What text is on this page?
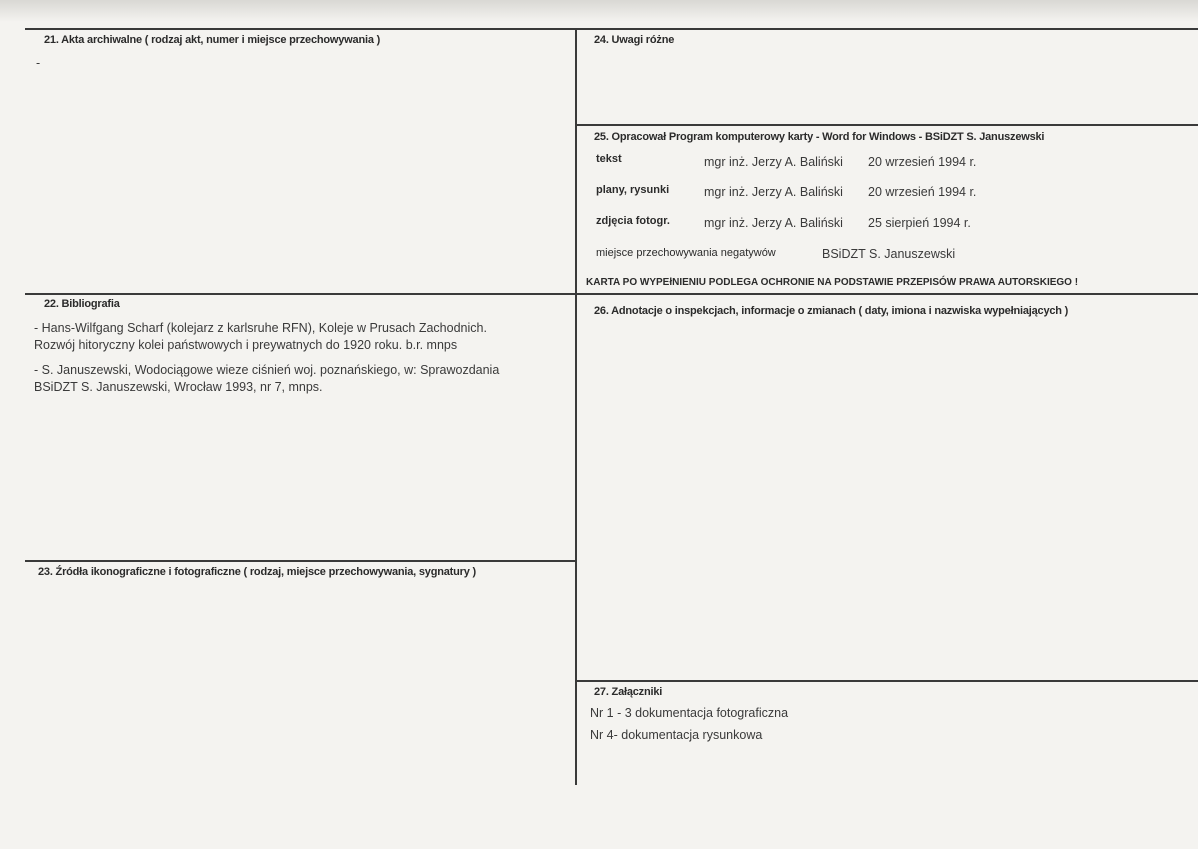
21. Akta archiwalne ( rodzaj akt, numer i miejsce przechowywania )
-
24. Uwagi różne
25. Opracował Program komputerowy karty - Word for Windows - BSiDZT S. Januszewski
tekst	mgr inż. Jerzy A. Baliński 20 wrzesień 1994 r.
plany, rysunki	mgr inż. Jerzy A. Baliński 20 wrzesień 1994 r.
zdjęcia fotogr.	mgr inż. Jerzy A. Baliński 25 sierpień 1994 r.
miejsce przechowywania negatywów	BSiDZT S. Januszewski
KARTA PO WYPEłNIENIU PODLEGA OCHRONIE NA PODSTAWIE PRZEPISÓW PRAWA AUTORSKIEGO !
22. Bibliografia
- Hans-Wilfgang Scharf (kolejarz z karlsruhe RFN), Koleje w Prusach Zachodnich.
Rozwój hitoryczny kolei państwowych i preywatnych do 1920 roku. b.r. mnps
- S. Januszewski, Wodociągowe wieze ciśnień woj. poznańskiego, w: Sprawozdania
BSiDZT S. Januszewski, Wrocław 1993, nr 7, mnps.
26. Adnotacje o inspekcjach, informacje o zmianach ( daty, imiona i nazwiska wypełniających )
23. Źródła ikonograficzne i fotograficzne ( rodzaj, miejsce przechowywania, sygnatury )
27. Załączniki
Nr 1 - 3 dokumentacja fotograficzna
Nr 4- dokumentacja rysunkowa
